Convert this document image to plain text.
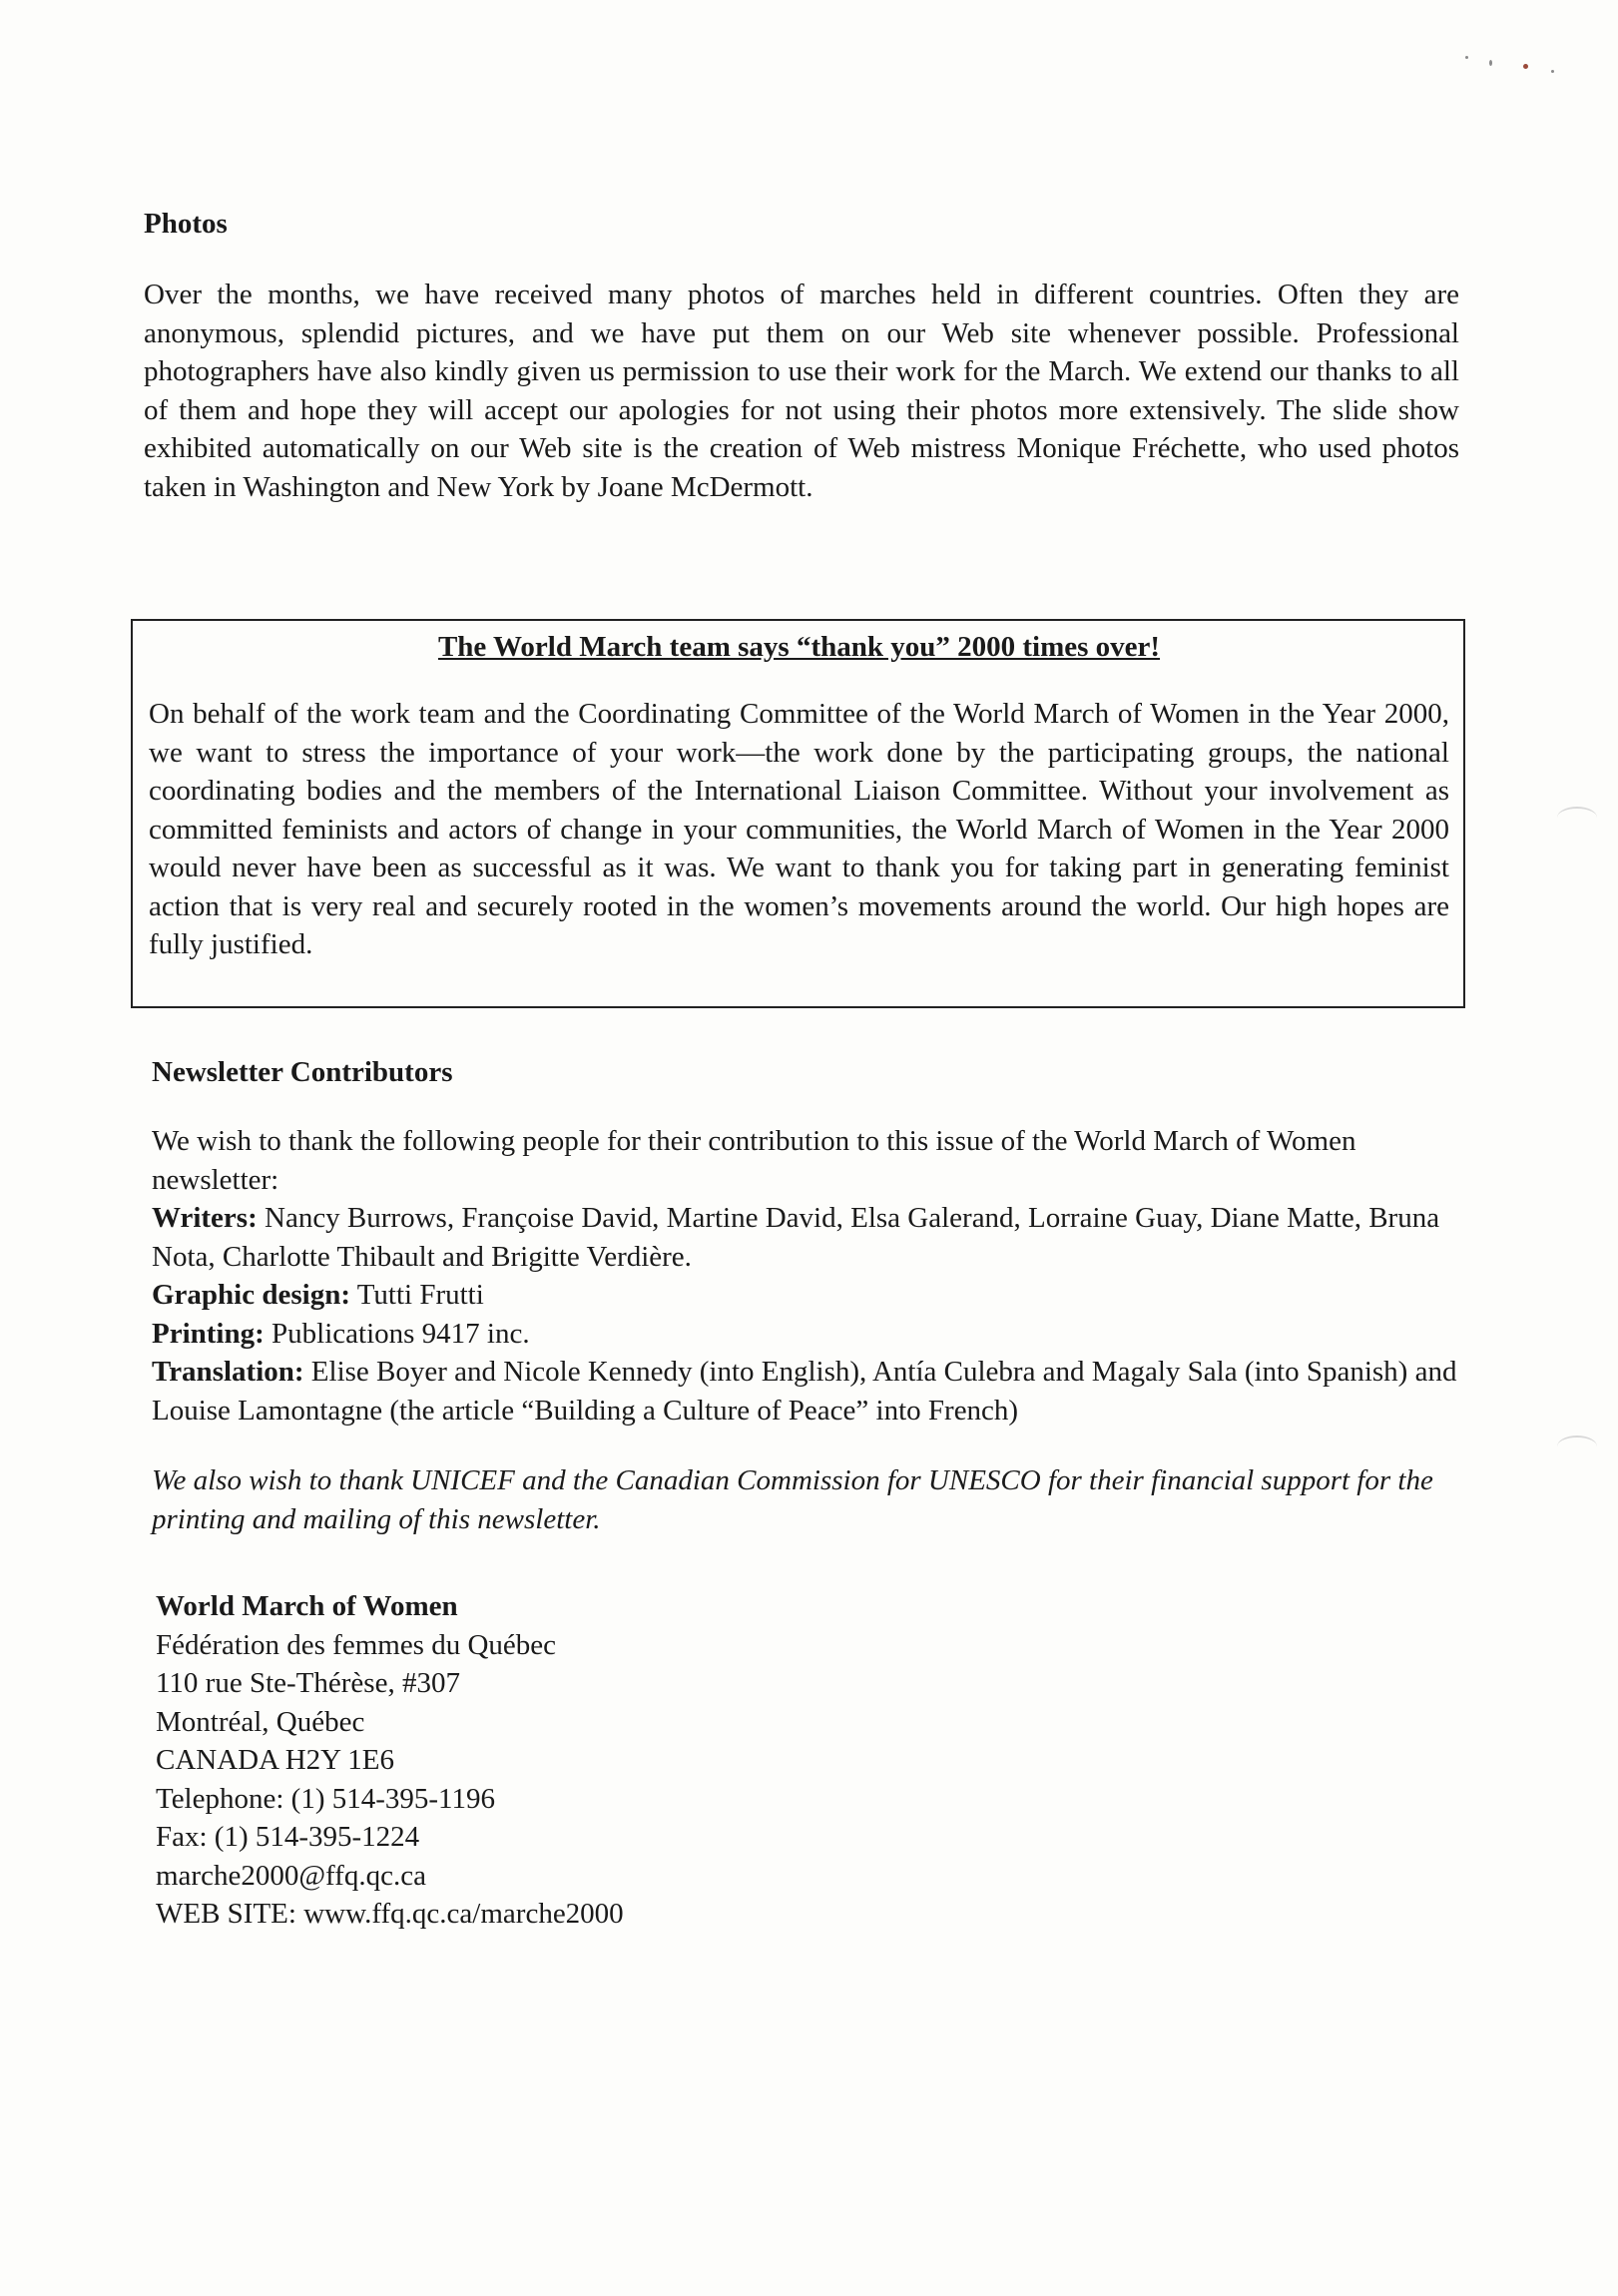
Photos

Over the months, we have received many photos of marches held in different countries. Often they are anonymous, splendid pictures, and we have put them on our Web site whenever possible. Professional photographers have also kindly given us permission to use their work for the March. We extend our thanks to all of them and hope they will accept our apologies for not using their photos more extensively. The slide show exhibited automatically on our Web site is the creation of Web mistress Monique Fréchette, who used photos taken in Washington and New York by Joane McDermott.

The World March team says “thank you” 2000 times over!

On behalf of the work team and the Coordinating Committee of the World March of Women in the Year 2000, we want to stress the importance of your work—the work done by the participating groups, the national coordinating bodies and the members of the International Liaison Committee. Without your involvement as committed feminists and actors of change in your communities, the World March of Women in the Year 2000 would never have been as successful as it was. We want to thank you for taking part in generating feminist action that is very real and securely rooted in the women’s movements around the world. Our high hopes are fully justified.

Newsletter Contributors

We wish to thank the following people for their contribution to this issue of the World March of Women newsletter:

Writers: Nancy Burrows, Françoise David, Martine David, Elsa Galerand, Lorraine Guay, Diane Matte, Bruna Nota, Charlotte Thibault and Brigitte Verdière.

Graphic design: Tutti Frutti

Printing: Publications 9417 inc.

Translation: Elise Boyer and Nicole Kennedy (into English), Antía Culebra and Magaly Sala (into Spanish) and Louise Lamontagne (the article “Building a Culture of Peace” into French)

We also wish to thank UNICEF and the Canadian Commission for UNESCO for their financial support for the printing and mailing of this newsletter.

World March of Women

Fédération des femmes du Québec

110 rue Ste-Thérèse, #307

Montréal, Québec

CANADA H2Y 1E6

Telephone: (1) 514-395-1196

Fax: (1) 514-395-1224

marche2000@ffq.qc.ca

WEB SITE: www.ffq.qc.ca/marche2000
